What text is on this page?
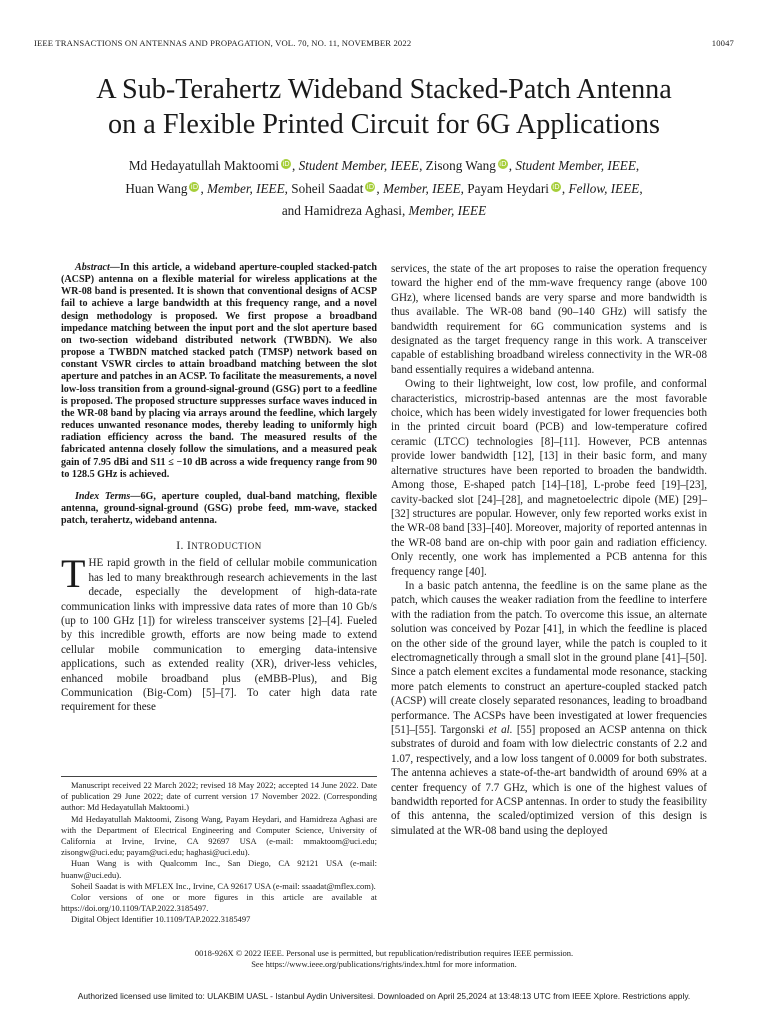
IEEE TRANSACTIONS ON ANTENNAS AND PROPAGATION, VOL. 70, NO. 11, NOVEMBER 2022	10047
A Sub-Terahertz Wideband Stacked-Patch Antenna
on a Flexible Printed Circuit for 6G Applications
Md Hedayatullah Maktoomi iD , Student Member, IEEE, Zisong Wang iD , Student Member, IEEE,
Huan Wang iD , Member, IEEE, Soheil Saadat iD , Member, IEEE, Payam Heydari iD , Fellow, IEEE,
and Hamidreza Aghasi, Member, IEEE

Abstract—In this article, a wideband aperture-coupled stacked-patch (ACSP) antenna on a flexible material for wireless applications at the WR-08 band is presented. It is shown that conventional designs of ACSP fail to achieve a large bandwidth at this frequency range, and a novel design methodology is proposed. We first propose a broadband impedance matching between the input port and the slot aperture based on two-section wideband distributed network (TWBDN). We also propose a TWBDN matched stacked patch (TMSP) network based on constant VSWR circles to attain broadband matching between the slot aperture and patches in an ACSP. To facilitate the measurements, a novel low-loss transition from a ground-signal-ground (GSG) port to a feedline is proposed. The proposed structure suppresses surface waves induced in the WR-08 band by placing via arrays around the feedline, which largely reduces unwanted resonance modes, thereby leading to uniformly high radiation efficiency across the band. The measured results of the fabricated antenna closely follow the simulations, and a measured peak gain of 7.95 dBi and S11 ≤ −10 dB across a wide frequency range from 90 to 128.5 GHz is achieved.

Index Terms—6G, aperture coupled, dual-band matching, flexible antenna, ground-signal-ground (GSG) probe feed, mm-wave, stacked patch, terahertz, wideband antenna.

I. INTRODUCTION

THE rapid growth in the field of cellular mobile communication has led to many breakthrough research achievements in the last decade, especially the development of high-data-rate communication links with impressive data rates of more than 10 Gb/s (up to 100 GHz [1]) for wireless transceiver systems [2]–[4]. Fueled by this incredible growth, efforts are now being made to extend cellular mobile communication to emerging data-intensive applications, such as extended reality (XR), driver-less vehicles, enhanced mobile broadband plus (eMBB-Plus), and Big Communication (Big-Com) [5]–[7]. To cater high data rate requirement for these

Manuscript received 22 March 2022; revised 18 May 2022; accepted 14 June 2022. Date of publication 29 June 2022; date of current version 17 November 2022. (Corresponding author: Md Hedayatullah Maktoomi.)

Md Hedayatullah Maktoomi, Zisong Wang, Payam Heydari, and Hamidreza Aghasi are with the Department of Electrical Engineering and Computer Science, University of California at Irvine, Irvine, CA 92697 USA (e-mail: mmaktoom@uci.edu; zisongw@uci.edu; payam@uci.edu; haghasi@uci.edu).

Huan Wang is with Qualcomm Inc., San Diego, CA 92121 USA (e-mail: huanw@uci.edu).

Soheil Saadat is with MFLEX Inc., Irvine, CA 92617 USA (e-mail: ssaadat@mflex.com).

Color versions of one or more figures in this article are available at https://doi.org/10.1109/TAP.2022.3185497.

Digital Object Identifier 10.1109/TAP.2022.3185497

services, the state of the art proposes to raise the operation frequency toward the higher end of the mm-wave frequency range (above 100 GHz), where licensed bands are very sparse and more bandwidth is thus available. The WR-08 band (90–140 GHz) will satisfy the bandwidth requirement for 6G communication systems and is designated as the target frequency range in this work. A transceiver capable of establishing broadband wireless connectivity in the WR-08 band essentially requires a wideband antenna.

Owing to their lightweight, low cost, low profile, and conformal characteristics, microstrip-based antennas are the most favorable choice, which has been widely investigated for lower frequencies both in the printed circuit board (PCB) and low-temperature cofired ceramic (LTCC) technologies [8]–[11]. However, PCB antennas provide lower bandwidth [12], [13] in their basic form, and many alternative structures have been reported to broaden the bandwidth. Among those, E-shaped patch [14]–[18], L-probe feed [19]–[23], cavity-backed slot [24]–[28], and magnetoelectric dipole (ME) [29]–[32] structures are popular. However, only few reported works exist in the WR-08 band [33]–[40]. Moreover, majority of reported antennas in the WR-08 band are on-chip with poor gain and radiation efficiency. Only recently, one work has implemented a PCB antenna for this frequency range [40].

In a basic patch antenna, the feedline is on the same plane as the patch, which causes the weaker radiation from the feedline to interfere with the radiation from the patch. To overcome this issue, an alternate solution was conceived by Pozar [41], in which the feedline is placed on the other side of the ground layer, while the patch is coupled to it electromagnetically through a small slot in the ground plane [41]–[50]. Since a patch element excites a fundamental mode resonance, stacking more patch elements to construct an aperture-coupled stacked patch (ACSP) will create closely separated resonances, leading to broadband performance. The ACSPs have been investigated at lower frequencies [51]–[55]. Targonski et al. [55] proposed an ACSP antenna on thick substrates of duroid and foam with low dielectric constants of 2.2 and 1.07, respectively, and a low loss tangent of 0.0009 for both substrates. The antenna achieves a state-of-the-art bandwidth of around 69% at a center frequency of 7.7 GHz, which is one of the highest values of bandwidth reported for ACSP antennas. In order to study the feasibility of this antenna, the scaled/optimized version of this design is simulated at the WR-08 band using the deployed

0018-926X © 2022 IEEE. Personal use is permitted, but republication/redistribution requires IEEE permission.
See https://www.ieee.org/publications/rights/index.html for more information.
Authorized licensed use limited to: ULAKBIM UASL - Istanbul Aydin Universitesi. Downloaded on April 25,2024 at 13:48:13 UTC from IEEE Xplore. Restrictions apply.
